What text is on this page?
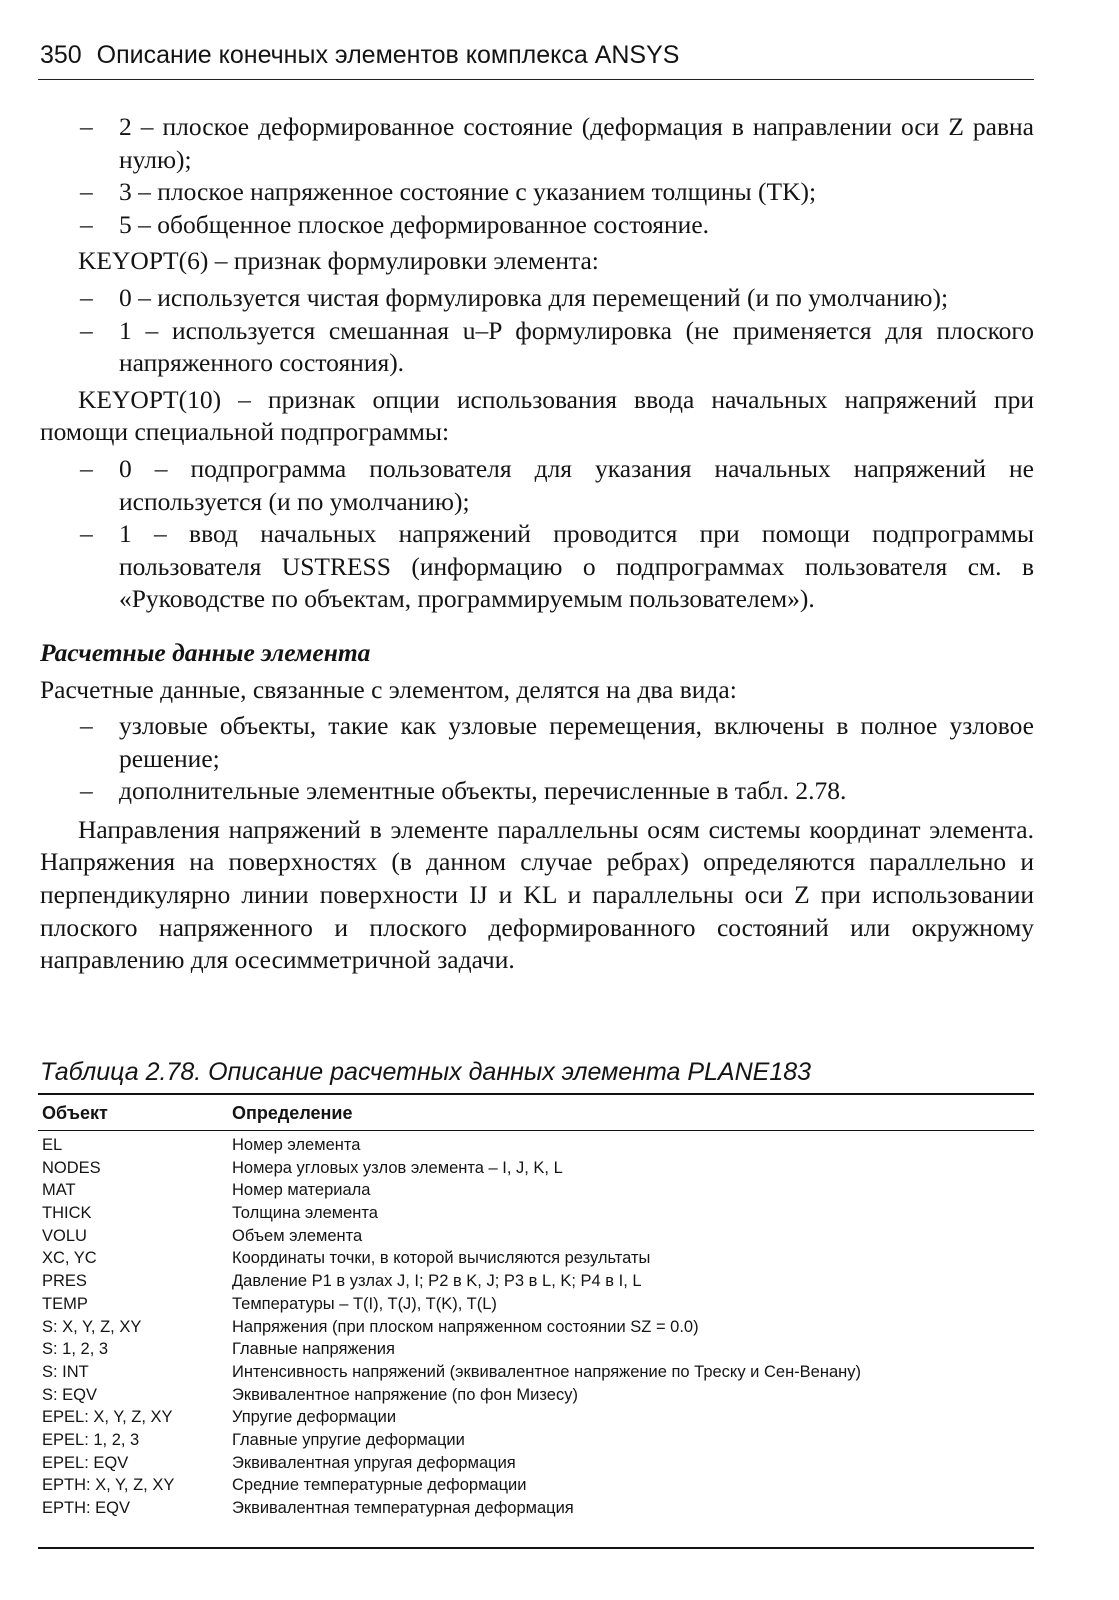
350 Описание конечных элементов комплекса ANSYS

– 2 – плоское деформированное состояние (деформация в направлении оси Z равна нулю);

– 3 – плоское напряженное состояние с указанием толщины (TK);

– 5 – обобщенное плоское деформированное состояние.

KEYOPT(6) – признак формулировки элемента:

– 0 – используется чистая формулировка для перемещений (и по умолчанию);

– 1 – используется смешанная u–P формулировка (не применяется для плоского напряженного состояния).

KEYOPT(10) – признак опции использования ввода начальных напряжений при помощи специальной подпрограммы:

– 0 – подпрограмма пользователя для указания начальных напряжений не используется (и по умолчанию);

– 1 – ввод начальных напряжений проводится при помощи подпрограммы пользователя USTRESS (информацию о подпрограммах пользователя см. в «Руководстве по объектам, программируемым пользователем»).

Расчетные данные элемента

Расчетные данные, связанные с элементом, делятся на два вида:

– узловые объекты, такие как узловые перемещения, включены в полное узловое решение;

– дополнительные элементные объекты, перечисленные в табл. 2.78.

Направления напряжений в элементе параллельны осям системы координат элемента. Напряжения на поверхностях (в данном случае ребрах) определяются параллельно и перпендикулярно линии поверхности IJ и KL и параллельны оси Z при использовании плоского напряженного и плоского деформированного состояний или окружному направлению для осесимметричной задачи.

Таблица 2.78. Описание расчетных данных элемента PLANE183
Объект	Определение
EL	Номер элемента
NODES	Номера угловых узлов элемента – I, J, K, L
MAT	Номер материала
THICK	Толщина элемента
VOLU	Объем элемента
XC, YC	Координаты точки, в которой вычисляются результаты
PRES	Давление P1 в узлах J, I; P2 в K, J; P3 в L, K; P4 в I, L
TEMP	Температуры – T(I), T(J), T(K), T(L)
S: X, Y, Z, XY	Напряжения (при плоском напряженном состоянии SZ = 0.0)
S: 1, 2, 3	Главные напряжения
S: INT	Интенсивность напряжений (эквивалентное напряжение по Треску и Сен-Венану)
S: EQV	Эквивалентное напряжение (по фон Мизесу)
EPEL: X, Y, Z, XY	Упругие деформации
EPEL: 1, 2, 3	Главные упругие деформации
EPEL: EQV	Эквивалентная упругая деформация
EPTH: X, Y, Z, XY	Средние температурные деформации
EPTH: EQV	Эквивалентная температурная деформация
